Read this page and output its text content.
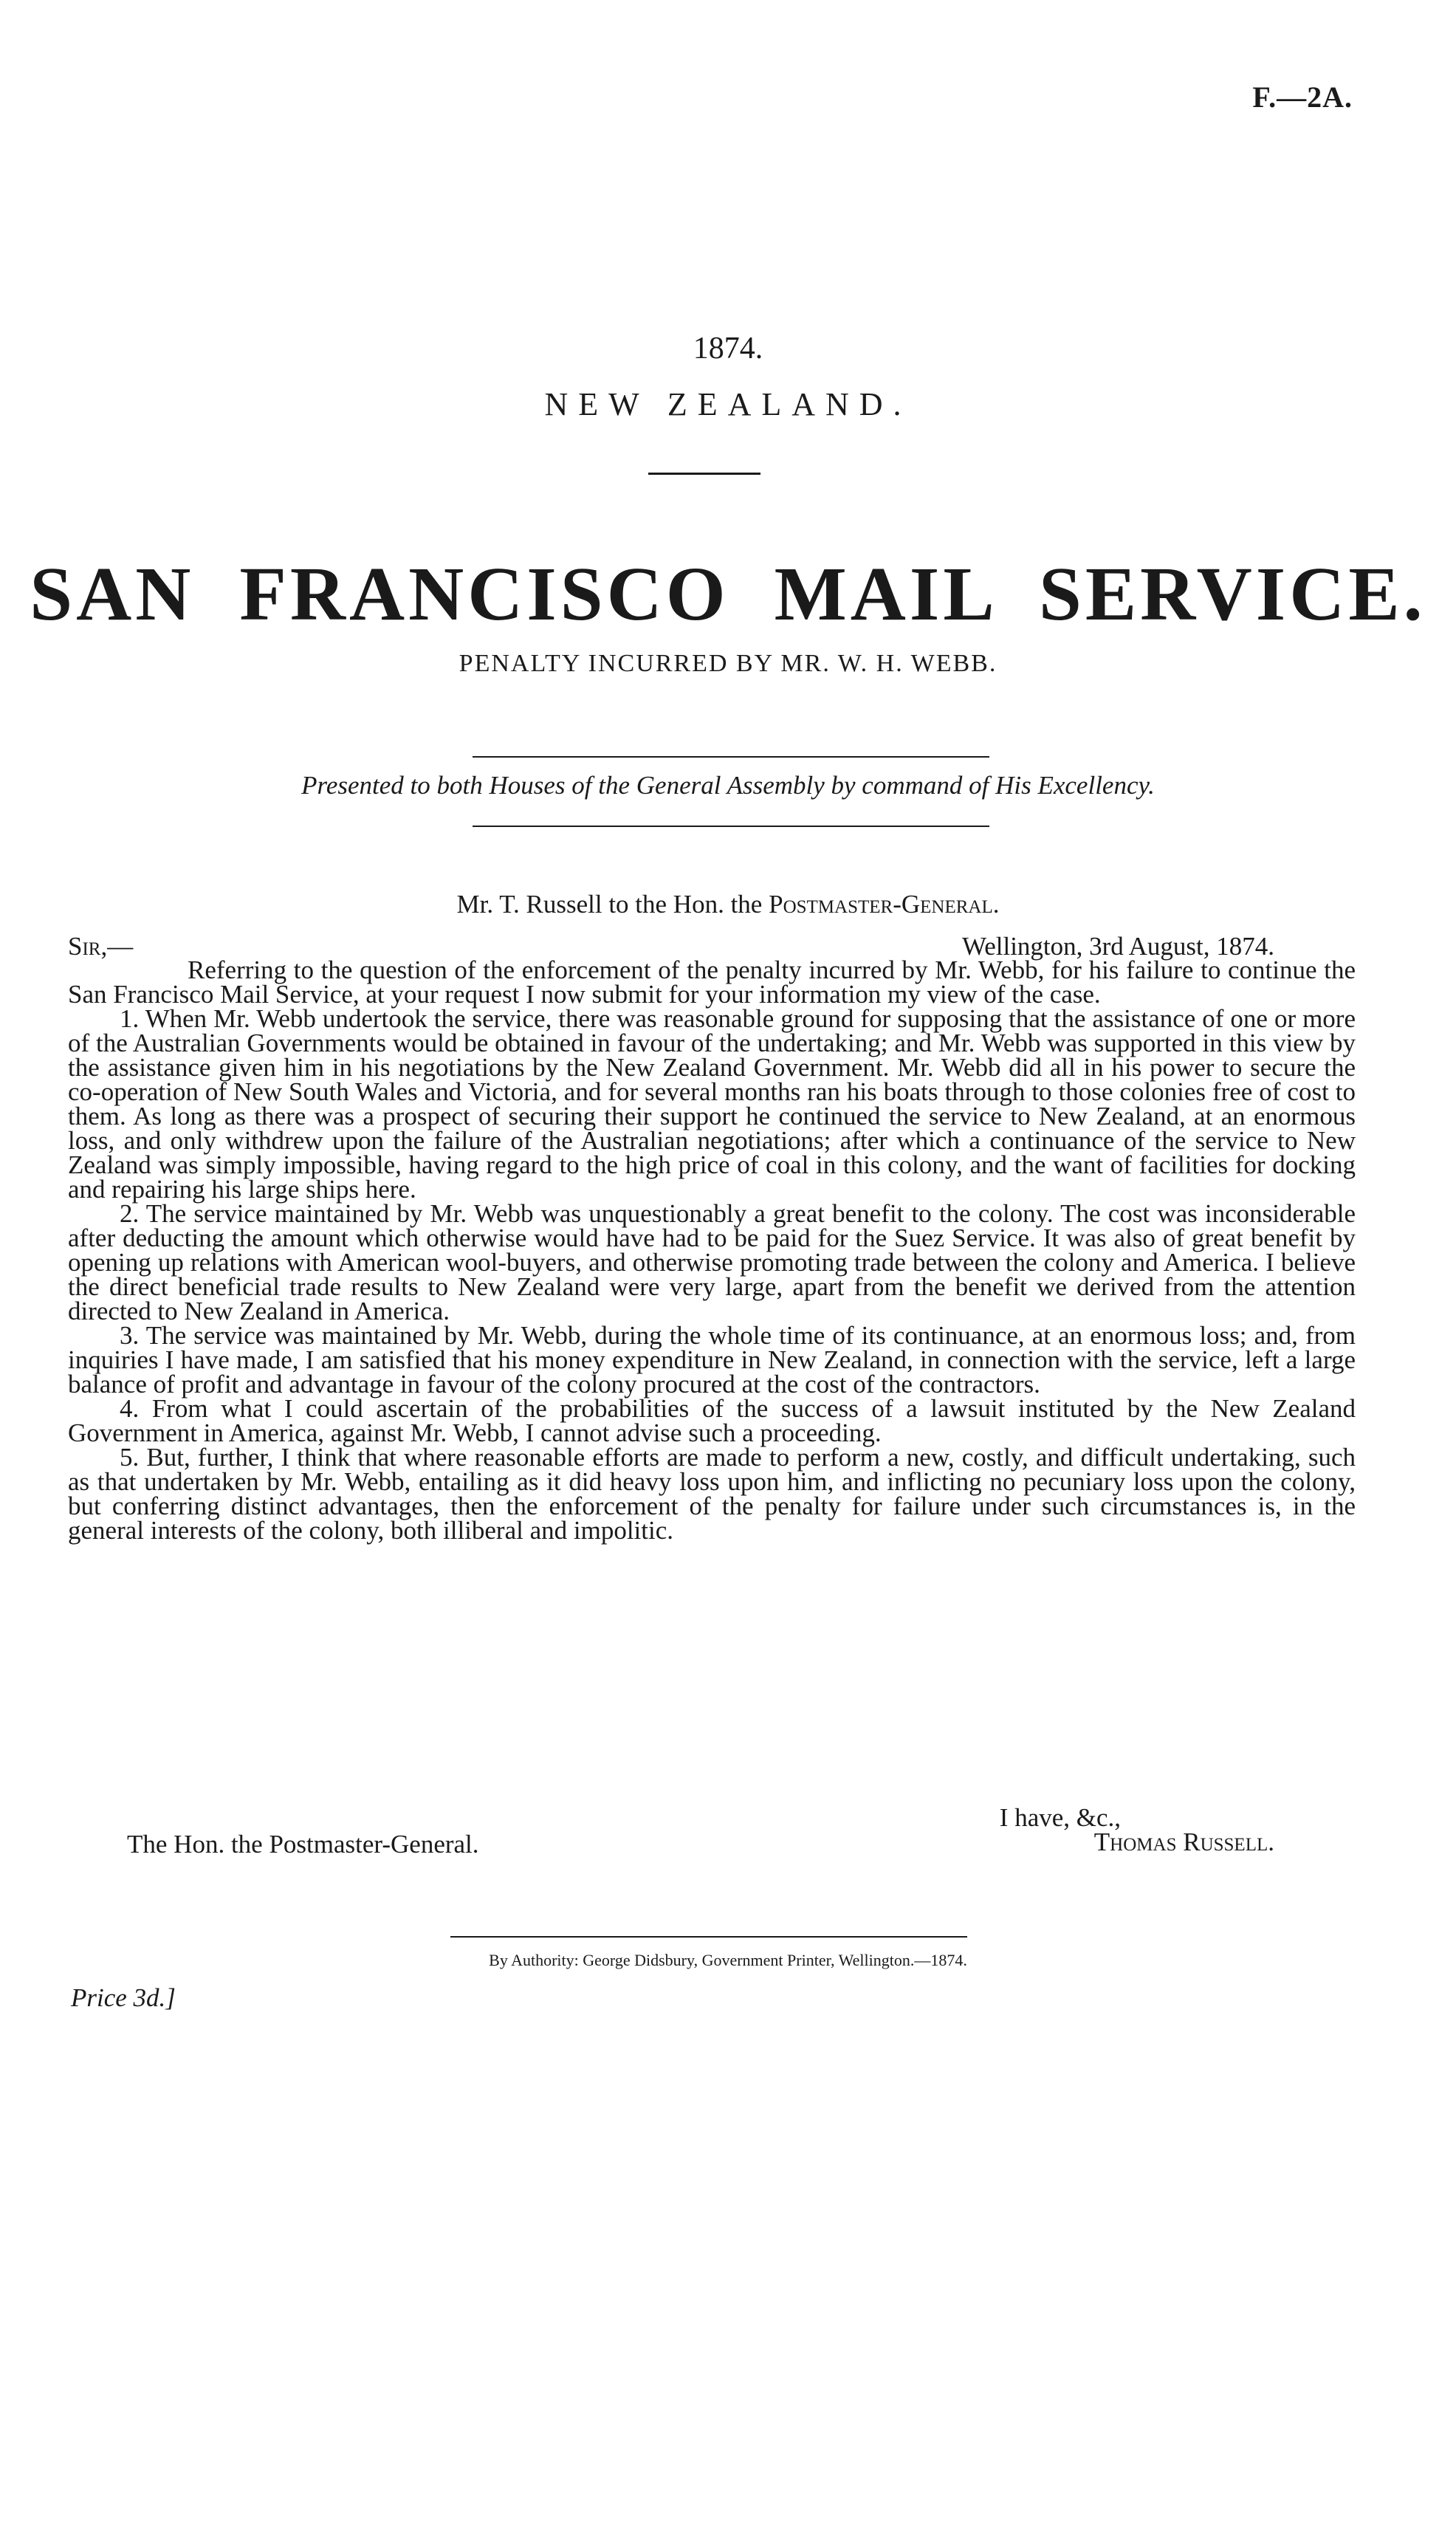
F.—2A.
1874.
NEW ZEALAND.
SAN FRANCISCO MAIL SERVICE.
PENALTY INCURRED BY MR. W. H. WEBB.
Presented to both Houses of the General Assembly by command of His Excellency.
Mr. T. Russell to the Hon. the Postmaster-General.
Sir,—	Wellington, 3rd August, 1874.

Referring to the question of the enforcement of the penalty incurred by Mr. Webb, for his failure to continue the San Francisco Mail Service, at your request I now submit for your information my view of the case.

1. When Mr. Webb undertook the service, there was reasonable ground for supposing that the assistance of one or more of the Australian Governments would be obtained in favour of the undertaking; and Mr. Webb was supported in this view by the assistance given him in his negotiations by the New Zealand Government. Mr. Webb did all in his power to secure the co-operation of New South Wales and Victoria, and for several months ran his boats through to those colonies free of cost to them. As long as there was a prospect of securing their support he continued the service to New Zealand, at an enormous loss, and only withdrew upon the failure of the Australian negotiations; after which a continuance of the service to New Zealand was simply impossible, having regard to the high price of coal in this colony, and the want of facilities for docking and repairing his large ships here.

2. The service maintained by Mr. Webb was unquestionably a great benefit to the colony. The cost was inconsiderable after deducting the amount which otherwise would have had to be paid for the Suez Service. It was also of great benefit by opening up relations with American wool-buyers, and otherwise promoting trade between the colony and America. I believe the direct beneficial trade results to New Zealand were very large, apart from the benefit we derived from the attention directed to New Zealand in America.

3. The service was maintained by Mr. Webb, during the whole time of its continuance, at an enormous loss; and, from inquiries I have made, I am satisfied that his money expenditure in New Zealand, in connection with the service, left a large balance of profit and advantage in favour of the colony procured at the cost of the contractors.

4. From what I could ascertain of the probabilities of the success of a lawsuit instituted by the New Zealand Government in America, against Mr. Webb, I cannot advise such a proceeding.

5. But, further, I think that where reasonable efforts are made to perform a new, costly, and difficult undertaking, such as that undertaken by Mr. Webb, entailing as it did heavy loss upon him, and inflicting no pecuniary loss upon the colony, but conferring distinct advantages, then the enforcement of the penalty for failure under such circumstances is, in the general interests of the colony, both illiberal and impolitic.

I have, &c.,
Thomas Russell.
The Hon. the Postmaster-General.
By Authority: George Didsbury, Government Printer, Wellington.—1874.
Price 3d.]
